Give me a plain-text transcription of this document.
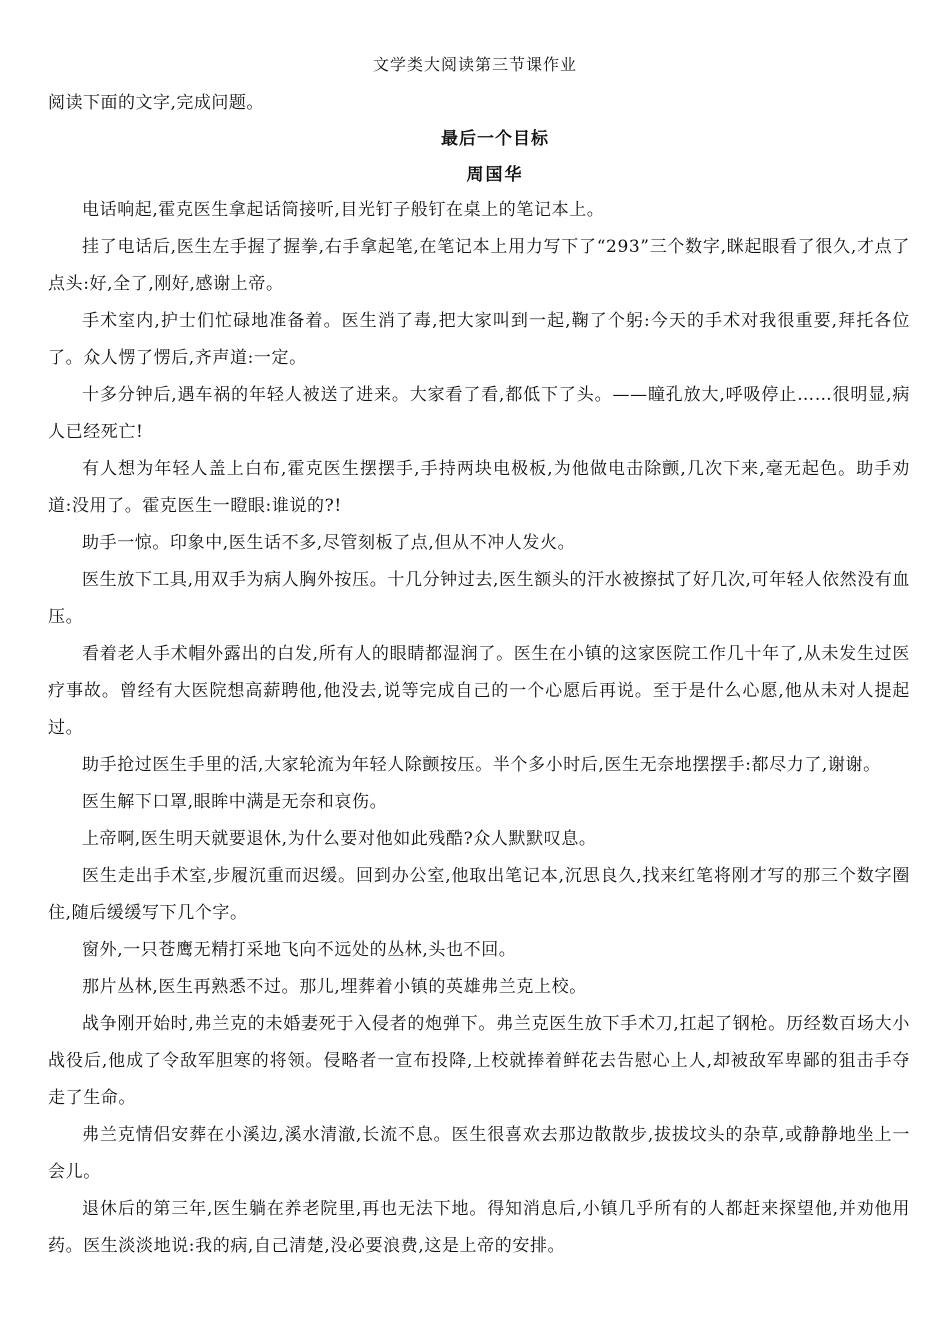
文学类大阅读第三节课作业
阅读下面的文字,完成问题。
最后一个目标
周国华

电话响起,霍克医生拿起话筒接听,目光钉子般钉在桌上的笔记本上。

挂了电话后,医生左手握了握拳,右手拿起笔,在笔记本上用力写下了“293”三个数字,眯起眼看了很久,才点了点头:好,全了,刚好,感谢上帝。

手术室内,护士们忙碌地准备着。医生消了毒,把大家叫到一起,鞠了个躬:今天的手术对我很重要,拜托各位了。众人愣了愣后,齐声道:一定。

十多分钟后,遇车祸的年轻人被送了进来。大家看了看,都低下了头。——瞳孔放大,呼吸停止……很明显,病人已经死亡!

有人想为年轻人盖上白布,霍克医生摆摆手,手持两块电极板,为他做电击除颤,几次下来,毫无起色。助手劝道:没用了。霍克医生一瞪眼:谁说的?!

助手一惊。印象中,医生话不多,尽管刻板了点,但从不冲人发火。

医生放下工具,用双手为病人胸外按压。十几分钟过去,医生额头的汗水被擦拭了好几次,可年轻人依然没有血压。

看着老人手术帽外露出的白发,所有人的眼睛都湿润了。医生在小镇的这家医院工作几十年了,从未发生过医疗事故。曾经有大医院想高薪聘他,他没去,说等完成自己的一个心愿后再说。至于是什么心愿,他从未对人提起过。

助手抢过医生手里的活,大家轮流为年轻人除颤按压。半个多小时后,医生无奈地摆摆手:都尽力了,谢谢。

医生解下口罩,眼眸中满是无奈和哀伤。

上帝啊,医生明天就要退休,为什么要对他如此残酷?众人默默叹息。

医生走出手术室,步履沉重而迟缓。回到办公室,他取出笔记本,沉思良久,找来红笔将刚才写的那三个数字圈住,随后缓缓写下几个字。

窗外,一只苍鹰无精打采地飞向不远处的丛林,头也不回。

那片丛林,医生再熟悉不过。那儿,埋葬着小镇的英雄弗兰克上校。

战争刚开始时,弗兰克的未婚妻死于入侵者的炮弹下。弗兰克医生放下手术刀,扛起了钢枪。历经数百场大小战役后,他成了令敌军胆寒的将领。侵略者一宣布投降,上校就捧着鲜花去告慰心上人,却被敌军卑鄙的狙击手夺走了生命。

弗兰克情侣安葬在小溪边,溪水清澈,长流不息。医生很喜欢去那边散散步,拔拔坟头的杂草,或静静地坐上一会儿。

退休后的第三年,医生躺在养老院里,再也无法下地。得知消息后,小镇几乎所有的人都赶来探望他,并劝他用药。医生淡淡地说:我的病,自己清楚,没必要浪费,这是上帝的安排。
